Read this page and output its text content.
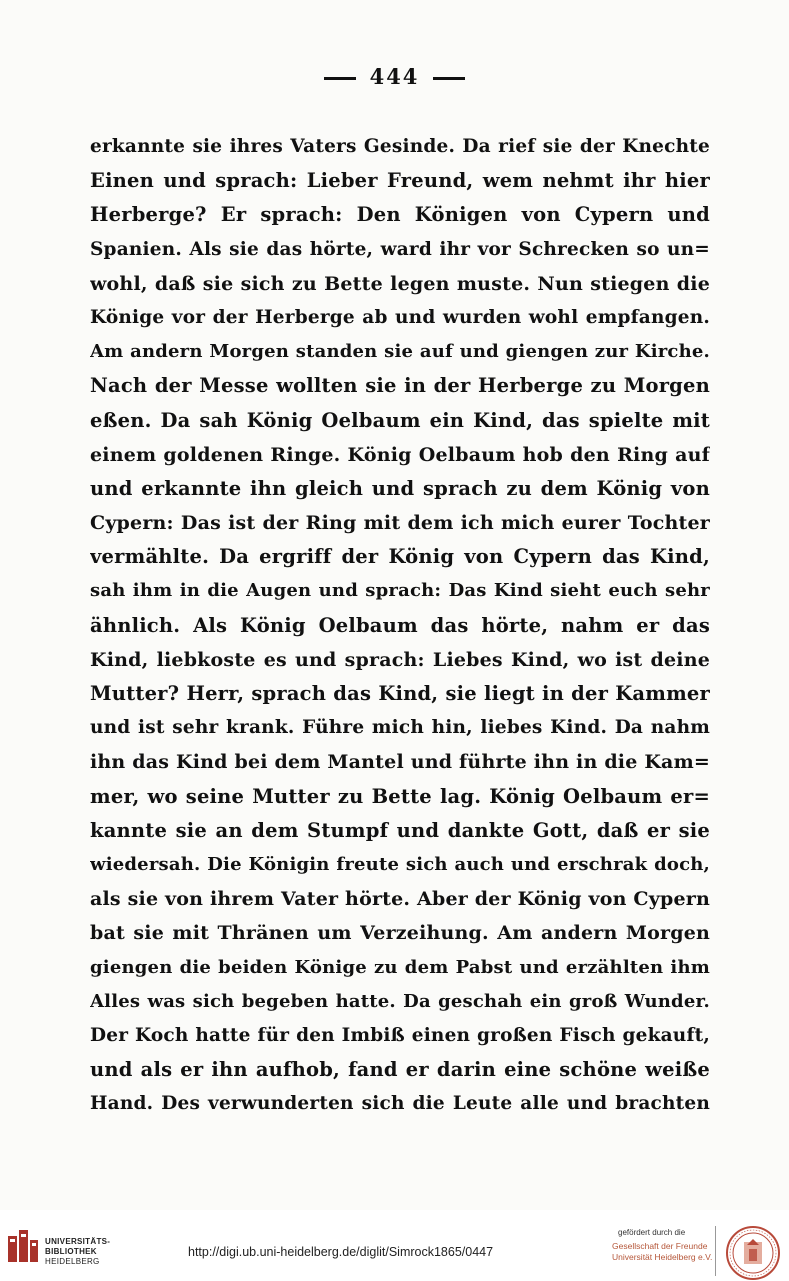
444
erkannte sie ihres Vaters Gesinde. Da rief sie der Knechte
Einen und sprach: Lieber Freund, wem nehmt ihr hier
Herberge? Er sprach: Den Königen von Cypern und
Spanien. Als sie das hörte, ward ihr vor Schrecken so un=
wohl, daß sie sich zu Bette legen muste. Nun stiegen die
Könige vor der Herberge ab und wurden wohl empfangen.
Am andern Morgen standen sie auf und giengen zur Kirche.
Nach der Messe wollten sie in der Herberge zu Morgen
eßen. Da sah König Oelbaum ein Kind, das spielte mit
einem goldenen Ringe. König Oelbaum hob den Ring auf
und erkannte ihn gleich und sprach zu dem König von
Cypern: Das ist der Ring mit dem ich mich eurer Tochter
vermählte. Da ergriff der König von Cypern das Kind,
sah ihm in die Augen und sprach: Das Kind sieht euch sehr
ähnlich. Als König Oelbaum das hörte, nahm er das
Kind, liebkoste es und sprach: Liebes Kind, wo ist deine
Mutter? Herr, sprach das Kind, sie liegt in der Kammer
und ist sehr krank. Führe mich hin, liebes Kind. Da nahm
ihn das Kind bei dem Mantel und führte ihn in die Kam=
mer, wo seine Mutter zu Bette lag. König Oelbaum er=
kannte sie an dem Stumpf und dankte Gott, daß er sie
wiedersah. Die Königin freute sich auch und erschrak doch,
als sie von ihrem Vater hörte. Aber der König von Cypern
bat sie mit Thränen um Verzeihung. Am andern Morgen
giengen die beiden Könige zu dem Pabst und erzählten ihm
Alles was sich begeben hatte. Da geschah ein groß Wunder.
Der Koch hatte für den Imbiß einen großen Fisch gekauft,
und als er ihn aufhob, fand er darin eine schöne weiße
Hand. Des verwunderten sich die Leute alle und brachten
UNIVERSITÄTS-
BIBLIOTHEK
HEIDELBERG
http://digi.ub.uni-heidelberg.de/diglit/Simrock1865/0447
gefördert durch die
Gesellschaft der Freunde
Universität Heidelberg e.V.
